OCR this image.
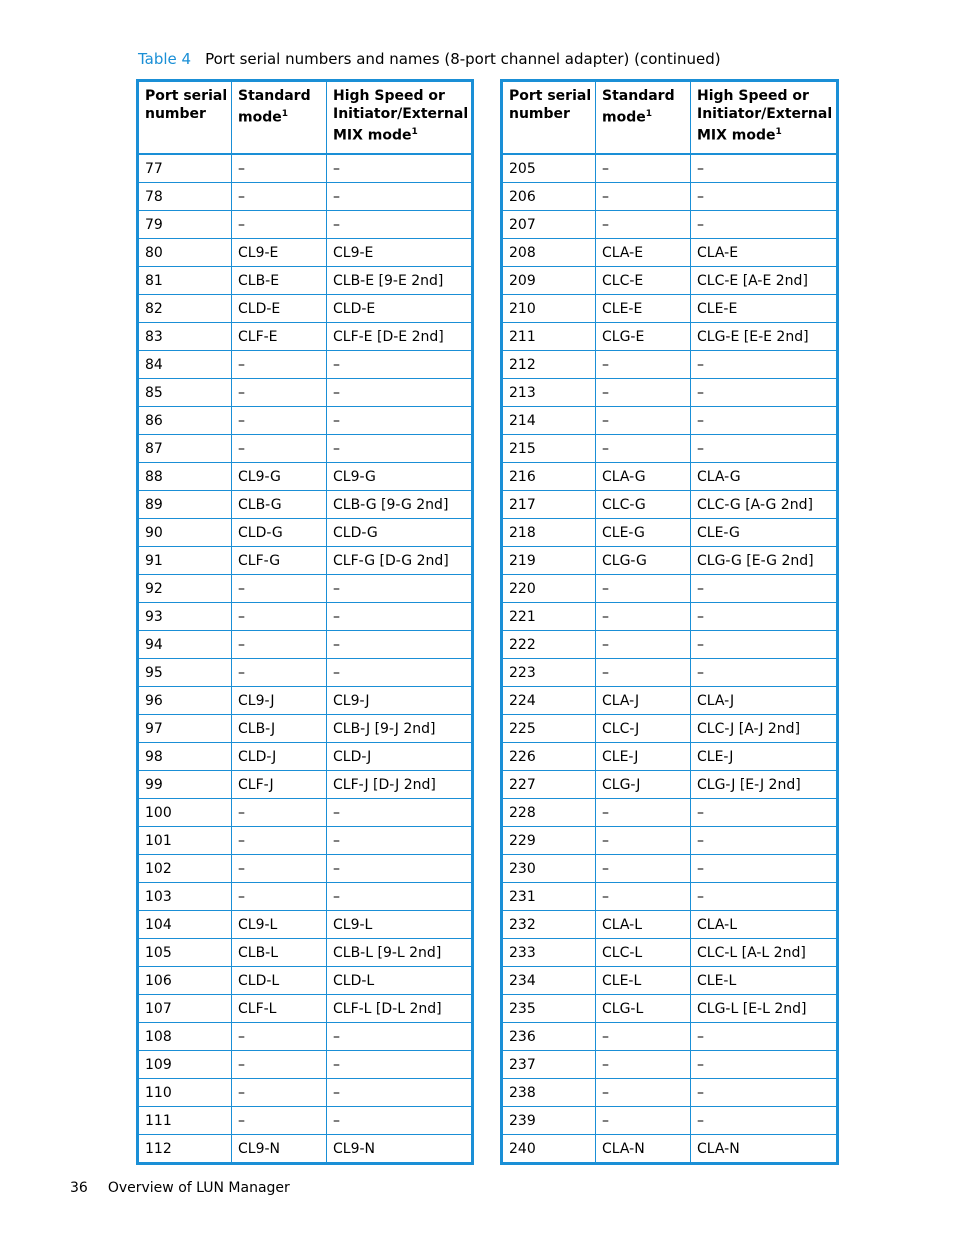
Table 4 Port serial numbers and names (8-port channel adapter) (continued)
Port serial number	Standard mode$^1$	High Speed or Initiator/External MIX mode$^1$
77	–	–
78	–	–
79	–	–
80	CL9-E	CL9-E
81	CLB-E	CLB-E [9-E 2nd]
82	CLD-E	CLD-E
83	CLF-E	CLF-E [D-E 2nd]
84	–	–
85	–	–
86	–	–
87	–	–
88	CL9-G	CL9-G
89	CLB-G	CLB-G [9-G 2nd]
90	CLD-G	CLD-G
91	CLF-G	CLF-G [D-G 2nd]
92	–	–
93	–	–
94	–	–
95	–	–
96	CL9-J	CL9-J
97	CLB-J	CLB-J [9-J 2nd]
98	CLD-J	CLD-J
99	CLF-J	CLF-J [D-J 2nd]
100	–	–
101	–	–
102	–	–
103	–	–
104	CL9-L	CL9-L
105	CLB-L	CLB-L [9-L 2nd]
106	CLD-L	CLD-L
107	CLF-L	CLF-L [D-L 2nd]
108	–	–
109	–	–
110	–	–
111	–	–
112	CL9-N	CL9-N
Port serial number	Standard mode$^1$	High Speed or Initiator/External MIX mode$^1$
205	–	–
206	–	–
207	–	–
208	CLA-E	CLA-E
209	CLC-E	CLC-E [A-E 2nd]
210	CLE-E	CLE-E
211	CLG-E	CLG-E [E-E 2nd]
212	–	–
213	–	–
214	–	–
215	–	–
216	CLA-G	CLA-G
217	CLC-G	CLC-G [A-G 2nd]
218	CLE-G	CLE-G
219	CLG-G	CLG-G [E-G 2nd]
220	–	–
221	–	–
222	–	–
223	–	–
224	CLA-J	CLA-J
225	CLC-J	CLC-J [A-J 2nd]
226	CLE-J	CLE-J
227	CLG-J	CLG-J [E-J 2nd]
228	–	–
229	–	–
230	–	–
231	–	–
232	CLA-L	CLA-L
233	CLC-L	CLC-L [A-L 2nd]
234	CLE-L	CLE-L
235	CLG-L	CLG-L [E-L 2nd]
236	–	–
237	–	–
238	–	–
239	–	–
240	CLA-N	CLA-N
36 Overview of LUN Manager
